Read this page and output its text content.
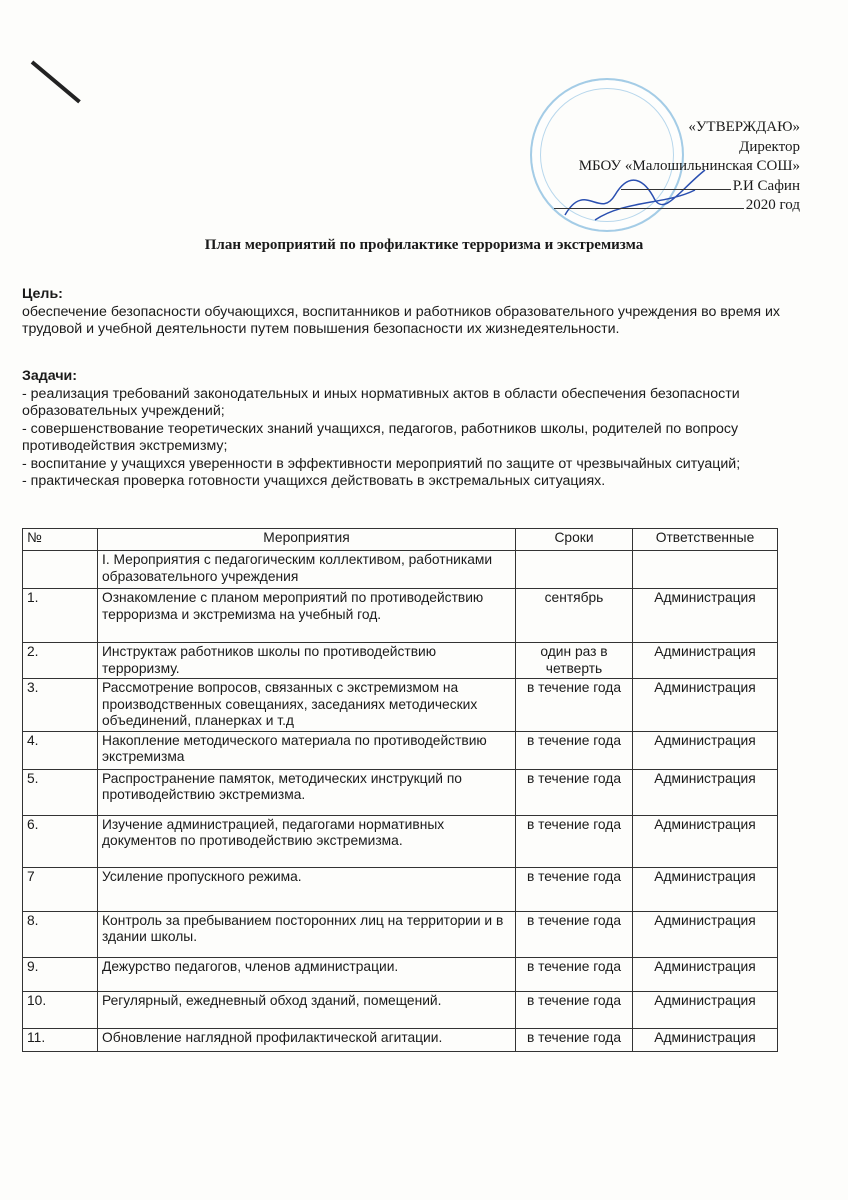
«УТВЕРЖДАЮ»
Директор
МБОУ «Малошильнинская СОШ»
Р.И Сафин
2020 год
План мероприятий по профилактике терроризма и экстремизма
Цель:
обеспечение безопасности обучающихся, воспитанников и работников образовательного учреждения во время их трудовой и учебной деятельности путем повышения безопасности их жизнедеятельности.
Задачи:
- реализация требований законодательных и иных нормативных актов в области обеспечения безопасности образовательных учреждений;
- совершенствование теоретических знаний учащихся, педагогов, работников школы, родителей по вопросу противодействия экстремизму;
- воспитание у учащихся уверенности в эффективности мероприятий по защите от чрезвычайных ситуаций;
- практическая проверка готовности учащихся действовать в экстремальных ситуациях.
№	Мероприятия	Сроки	Ответственные
	I. Мероприятия с педагогическим коллективом, работниками образовательного учреждения		
1.	Ознакомление с планом мероприятий по противодействию терроризма и экстремизма на учебный год.	сентябрь	Администрация
2.	Инструктаж работников школы по противодействию терроризму.	один раз в четверть	Администрация
3.	Рассмотрение вопросов, связанных с экстремизмом на производственных совещаниях, заседаниях методических объединений, планерках и т.д	в течение года	Администрация
4.	Накопление методического материала по противодействию экстремизма	в течение года	Администрация
5.	Распространение памяток, методических инструкций по противодействию экстремизма.	в течение года	Администрация
6.	Изучение администрацией, педагогами нормативных документов по противодействию экстремизма.	в течение года	Администрация
7	Усиление пропускного режима.	в течение года	Администрация
8.	Контроль за пребыванием посторонних лиц на территории и в здании школы.	в течение года	Администрация
9.	Дежурство педагогов, членов администрации.	в течение года	Администрация
10.	Регулярный, ежедневный обход зданий, помещений.	в течение года	Администрация
11.	Обновление наглядной профилактической агитации.	в течение года	Администрация
